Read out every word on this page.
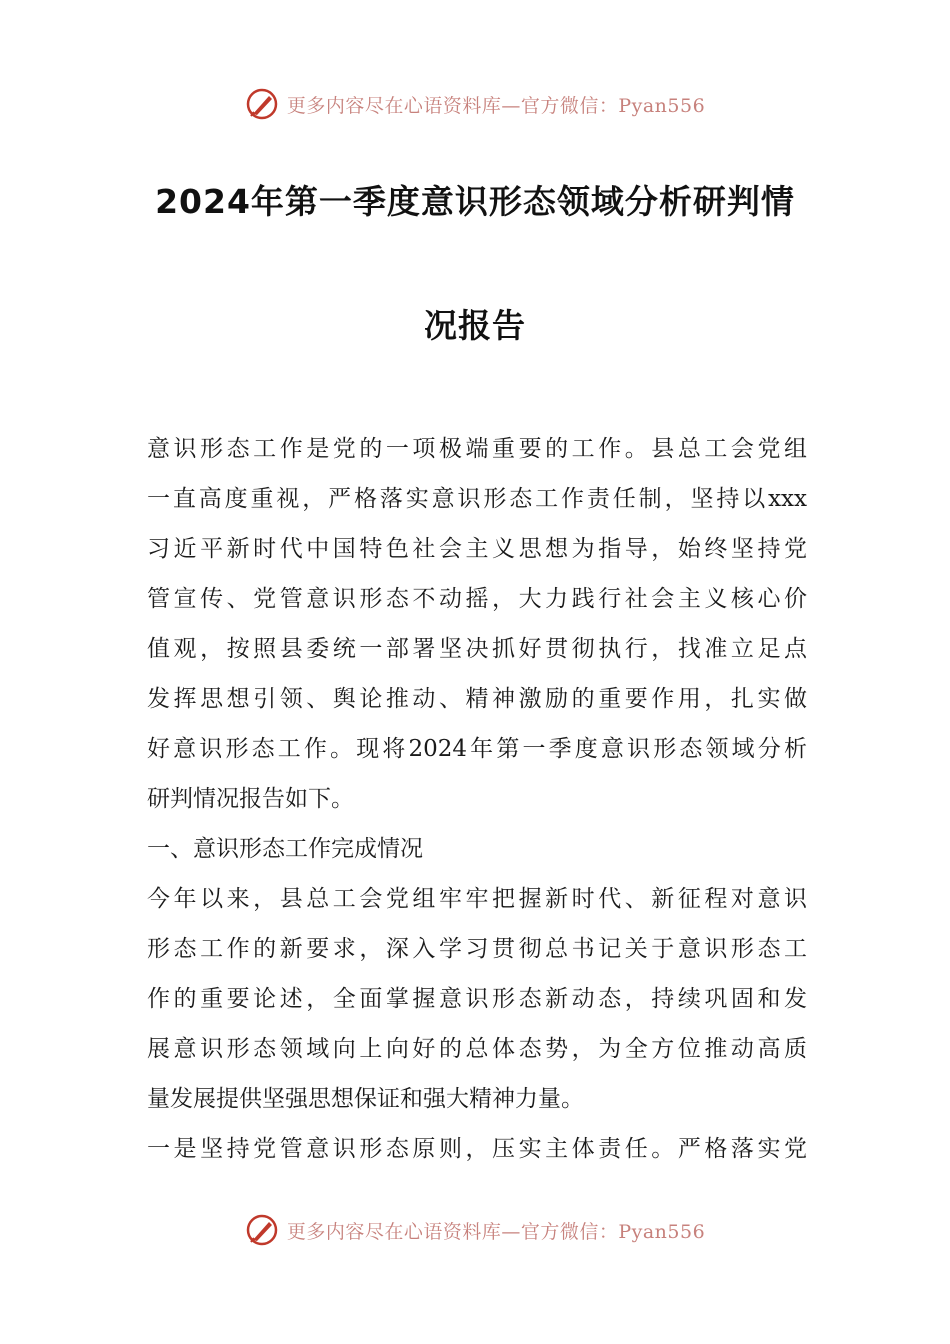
更多内容尽在心语资料库—官方微信：Pyan556
2024年第一季度意识形态领域分析研判情
况报告

意识形态工作是党的一项极端重要的工作。县总工会党组

一直高度重视，严格落实意识形态工作责任制，坚持以xxx

习近平新时代中国特色社会主义思想为指导，始终坚持党

管宣传、党管意识形态不动摇，大力践行社会主义核心价

值观，按照县委统一部署坚决抓好贯彻执行，找准立足点

发挥思想引领、舆论推动、精神激励的重要作用，扎实做

好意识形态工作。现将2024年第一季度意识形态领域分析

研判情况报告如下。

一、意识形态工作完成情况

今年以来，县总工会党组牢牢把握新时代、新征程对意识

形态工作的新要求，深入学习贯彻总书记关于意识形态工

作的重要论述，全面掌握意识形态新动态，持续巩固和发

展意识形态领域向上向好的总体态势，为全方位推动高质

量发展提供坚强思想保证和强大精神力量。

一是坚持党管意识形态原则，压实主体责任。严格落实党

更多内容尽在心语资料库—官方微信：Pyan556
